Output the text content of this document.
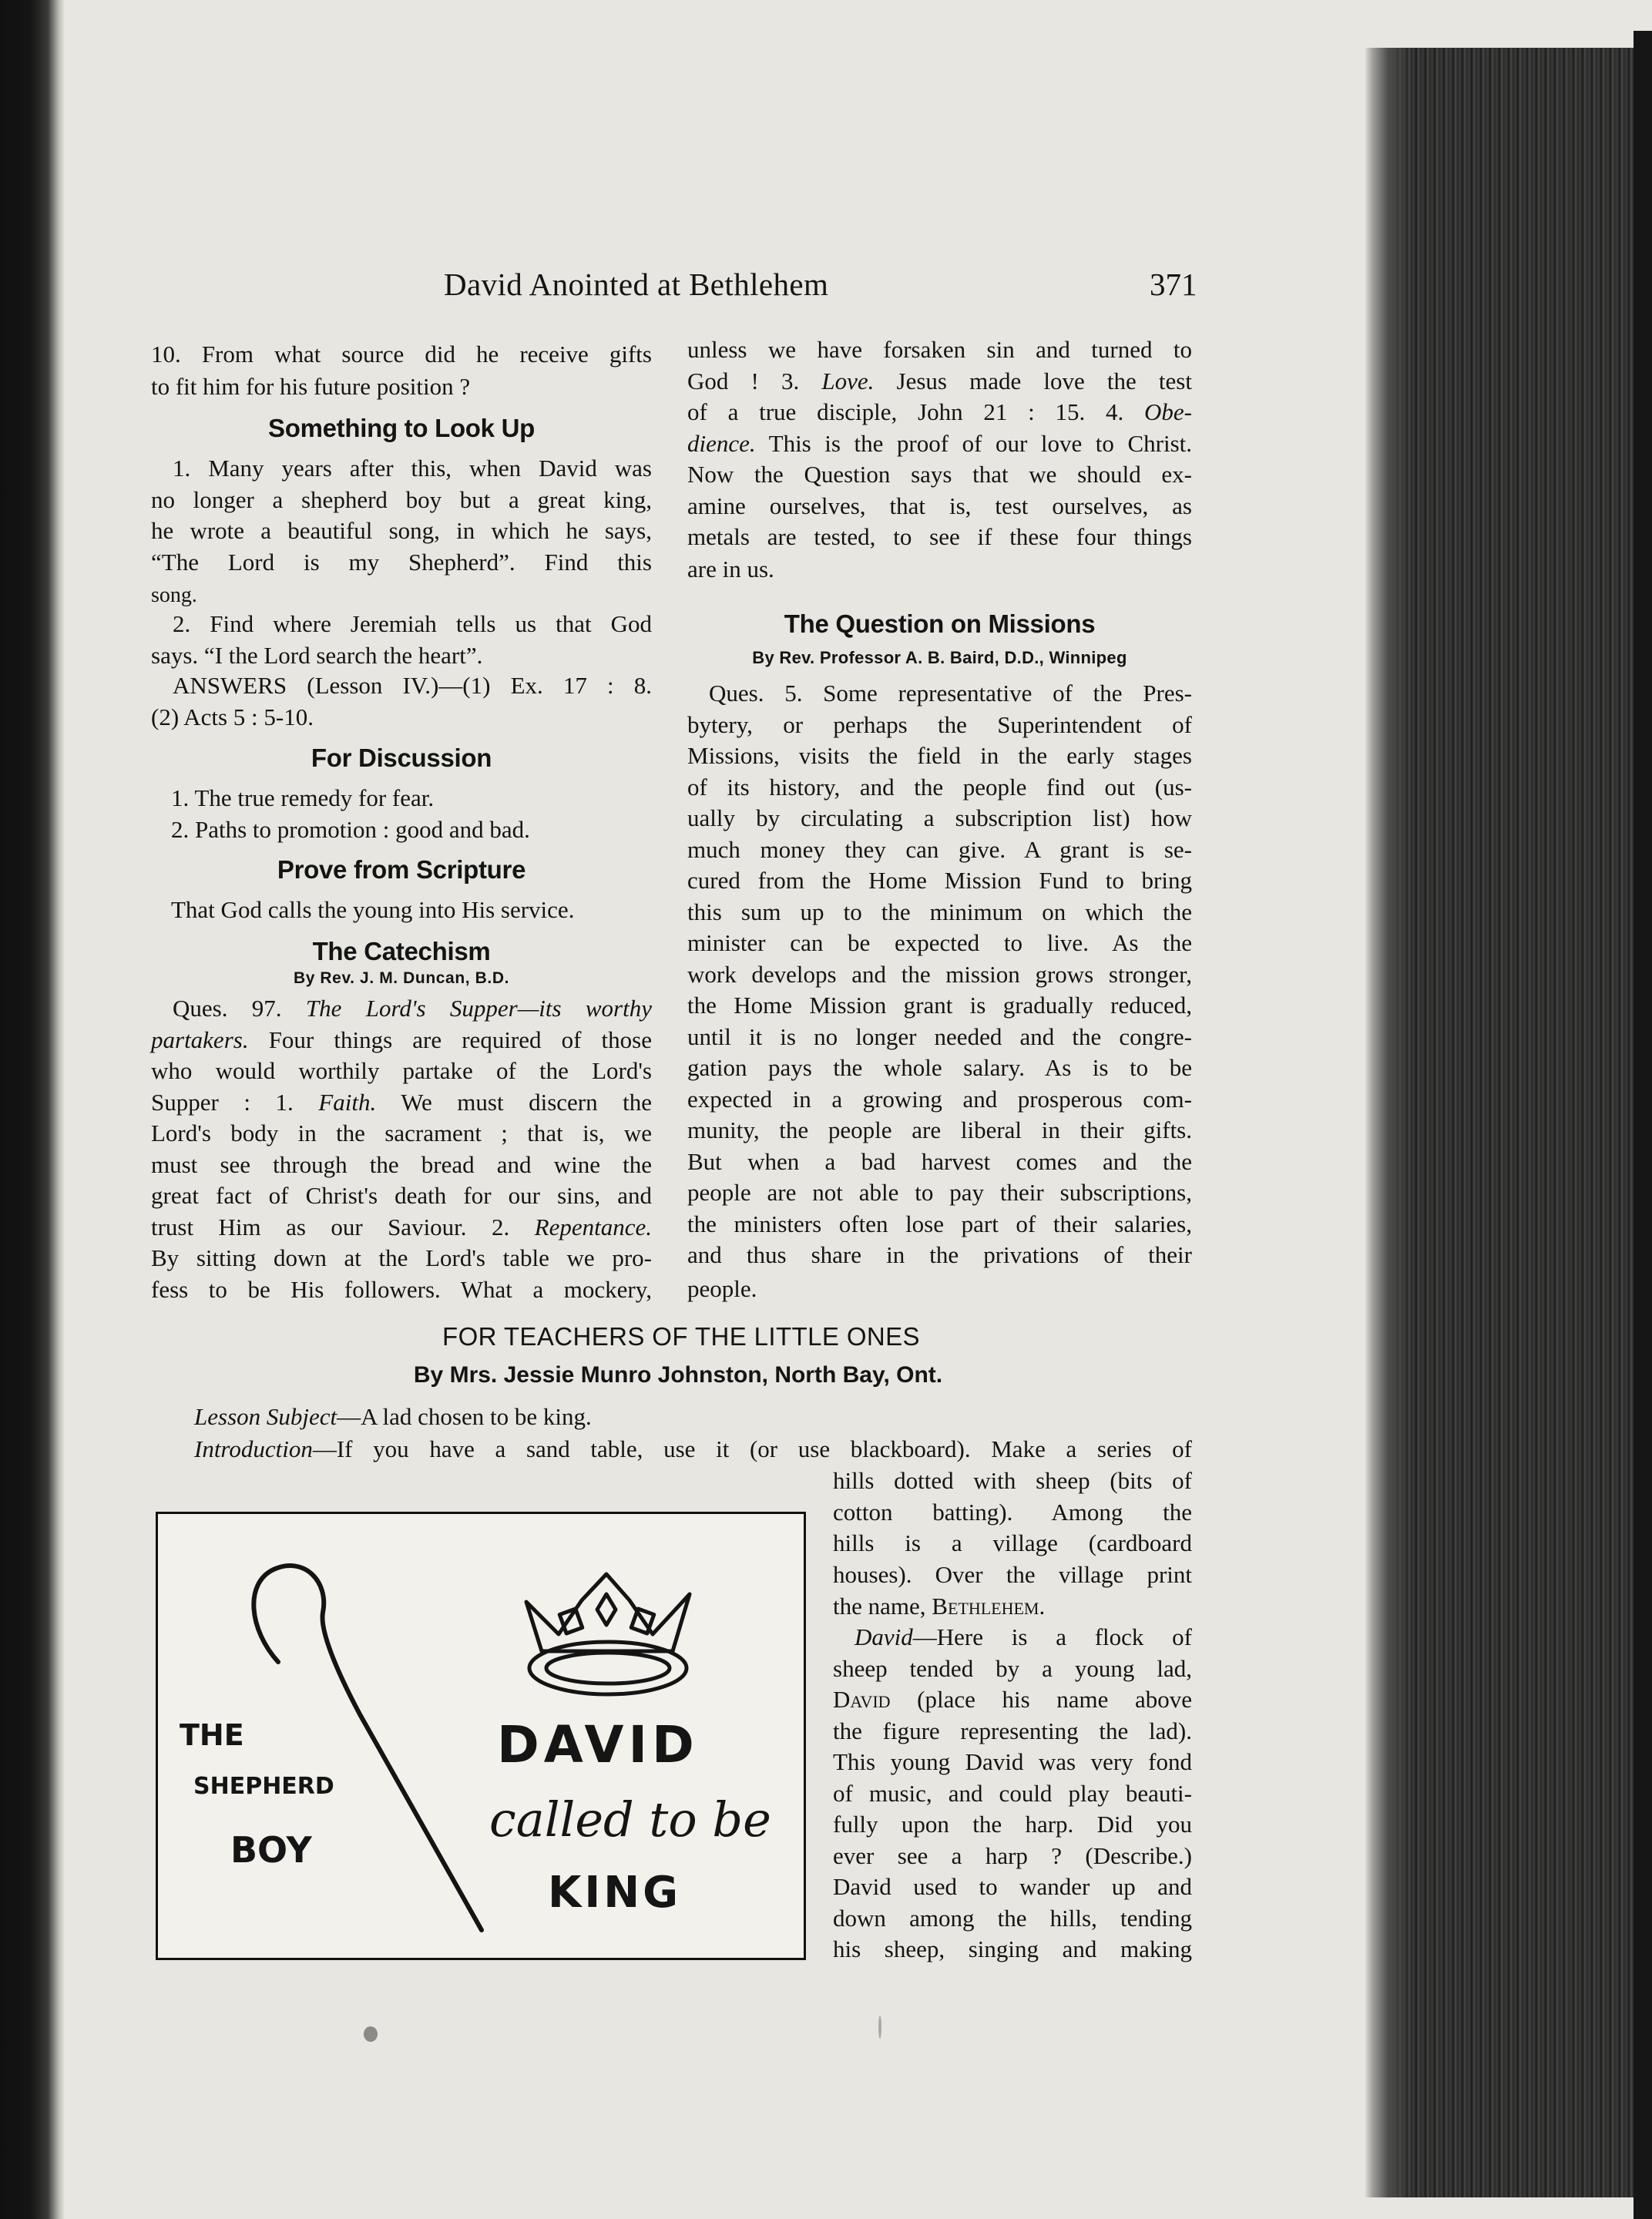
David Anointed at Bethlehem	371
10. From what source did he receive gifts
to fit him for his future position ?
Something to Look Up
1. Many years after this, when David was
no longer a shepherd boy but a great king,
he wrote a beautiful song, in which he says,
“The Lord is my Shepherd”. Find this
song.
2. Find where Jeremiah tells us that God
says. “I the Lord search the heart”.
ANSWERS (Lesson IV.)—(1) Ex. 17 : 8.
(2) Acts 5 : 5-10.
For Discussion
1. The true remedy for fear.
2. Paths to promotion : good and bad.
Prove from Scripture
That God calls the young into His service.
The Catechism
By Rev. J. M. Duncan, B.D.
Ques. 97. The Lord's Supper—its worthy
partakers. Four things are required of those
who would worthily partake of the Lord's
Supper : 1. Faith. We must discern the
Lord's body in the sacrament ; that is, we
must see through the bread and wine the
great fact of Christ's death for our sins, and
trust Him as our Saviour. 2. Repentance.
By sitting down at the Lord's table we pro-
fess to be His followers. What a mockery,
unless we have forsaken sin and turned to
God ! 3. Love. Jesus made love the test
of a true disciple, John 21 : 15. 4. Obe-
dience. This is the proof of our love to Christ.
Now the Question says that we should ex-
amine ourselves, that is, test ourselves, as
metals are tested, to see if these four things
are in us.
The Question on Missions
By Rev. Professor A. B. Baird, D.D., Winnipeg
Ques. 5. Some representative of the Pres-
bytery, or perhaps the Superintendent of
Missions, visits the field in the early stages
of its history, and the people find out (us-
ually by circulating a subscription list) how
much money they can give. A grant is se-
cured from the Home Mission Fund to bring
this sum up to the minimum on which the
minister can be expected to live. As the
work develops and the mission grows stronger,
the Home Mission grant is gradually reduced,
until it is no longer needed and the congre-
gation pays the whole salary. As is to be
expected in a growing and prosperous com-
munity, the people are liberal in their gifts.
But when a bad harvest comes and the
people are not able to pay their subscriptions,
the ministers often lose part of their salaries,
and thus share in the privations of their
people.
FOR TEACHERS OF THE LITTLE ONES
By Mrs. Jessie Munro Johnston, North Bay, Ont.
Lesson Subject—A lad chosen to be king.
Introduction—If you have a sand table, use it (or use blackboard). Make a series of
hills dotted with sheep (bits of
cotton batting). Among the
hills is a village (cardboard
houses). Over the village print
the name, Bethlehem.
David—Here is a flock of
sheep tended by a young lad,
David (place his name above
the figure representing the lad).
This young David was very fond
of music, and could play beauti-
fully upon the harp. Did you
ever see a harp ? (Describe.)
David used to wander up and
down among the hills, tending
his sheep, singing and making
THE
SHEPHERD
BOY
DAVID
called to be
KING
